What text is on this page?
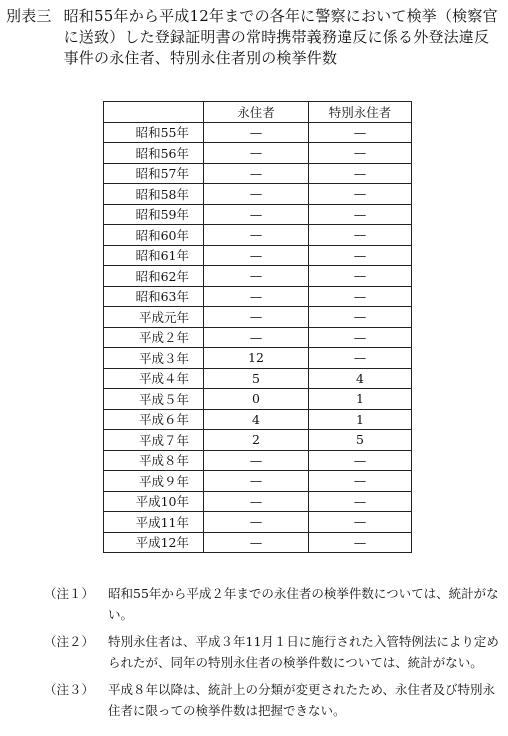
別表三 昭和55年から平成12年までの各年に警察において検挙（検察官に送致）した登録証明書の常時携帯義務違反に係る外登法違反事件の永住者、特別永住者別の検挙件数
	永住者	特別永住者
昭和55年	—	—
昭和56年	—	—
昭和57年	—	—
昭和58年	—	—
昭和59年	—	—
昭和60年	—	—
昭和61年	—	—
昭和62年	—	—
昭和63年	—	—
平成元年	—	—
平成２年	—	—
平成３年	12	—
平成４年	5	4
平成５年	0	1
平成６年	4	1
平成７年	2	5
平成８年	—	—
平成９年	—	—
平成10年	—	—
平成11年	—	—
平成12年	—	—
（注１）	昭和55年から平成２年までの永住者の検挙件数については、統計がない。
（注２）	特別永住者は、平成３年11月１日に施行された入管特例法により定められたが、同年の特別永住者の検挙件数については、統計がない。
（注３）	平成８年以降は、統計上の分類が変更されたため、永住者及び特別永住者に限っての検挙件数は把握できない。
